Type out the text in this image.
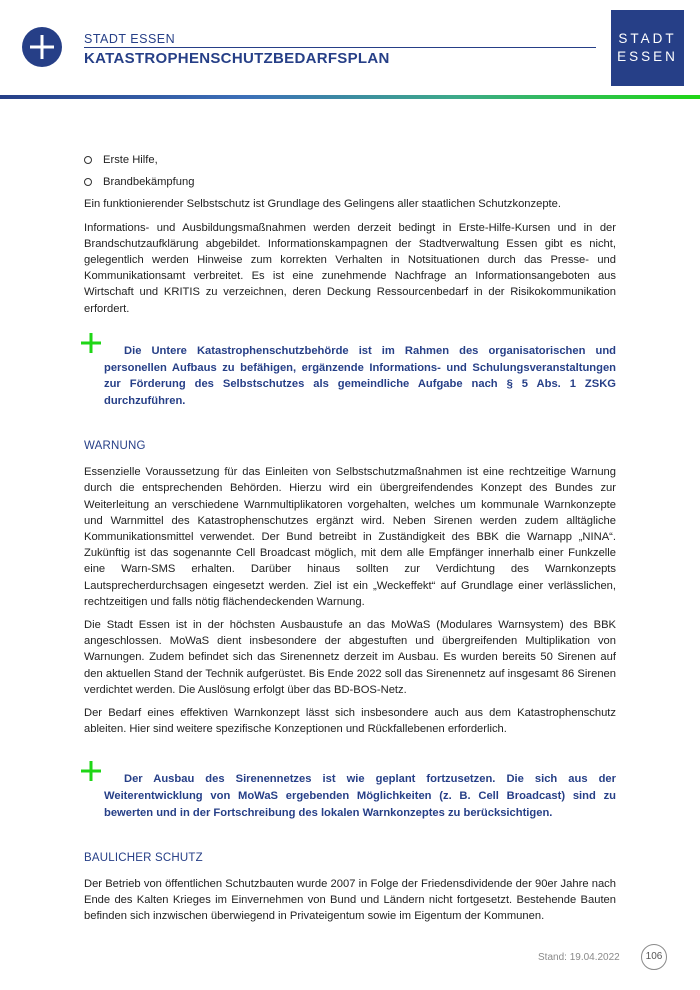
STADT ESSEN
KATASTROPHENSCHUTZBEDARFSPLAN
STADT
ESSEN
Erste Hilfe,
Brandbekämpfung

Ein funktionierender Selbstschutz ist Grundlage des Gelingens aller staatlichen Schutzkonzepte.

Informations- und Ausbildungsmaßnahmen werden derzeit bedingt in Erste-Hilfe-Kursen und in der Brandschutzaufklärung abgebildet. Informationskampagnen der Stadtverwaltung Essen gibt es nicht, gelegentlich werden Hinweise zum korrekten Verhalten in Notsituationen durch das Presse- und Kommunikationsamt verbreitet. Es ist eine zunehmende Nachfrage an Informationsangeboten aus Wirtschaft und KRITIS zu verzeichnen, deren Deckung Ressourcenbedarf in der Risikokommunikation erfordert.

Die Untere Katastrophenschutzbehörde ist im Rahmen des organisatorischen und personellen Aufbaus zu befähigen, ergänzende Informations- und Schulungsveranstaltungen zur Förderung des Selbstschutzes als gemeindliche Aufgabe nach § 5 Abs. 1 ZSKG durchzuführen.
WARNUNG

Essenzielle Voraussetzung für das Einleiten von Selbstschutzmaßnahmen ist eine rechtzeitige Warnung durch die entsprechenden Behörden. Hierzu wird ein übergreifendendes Konzept des Bundes zur Weiterleitung an verschiedene Warnmultiplikatoren vorgehalten, welches um kommunale Warnkonzepte und Warnmittel des Katastrophenschutzes ergänzt wird. Neben Sirenen werden zudem alltägliche Kommunikationsmittel verwendet. Der Bund betreibt in Zuständigkeit des BBK die Warnapp „NINA“. Zukünftig ist das sogenannte Cell Broadcast möglich, mit dem alle Empfänger innerhalb einer Funkzelle eine Warn-SMS erhalten. Darüber hinaus sollten zur Verdichtung des Warnkonzepts Lautsprecherdurchsagen eingesetzt werden. Ziel ist ein „Weckeffekt“ auf Grundlage einer verlässlichen, rechtzeitigen und falls nötig flächendeckenden Warnung.

Die Stadt Essen ist in der höchsten Ausbaustufe an das MoWaS (Modulares Warnsystem) des BBK angeschlossen. MoWaS dient insbesondere der abgestuften und übergreifenden Multiplikation von Warnungen. Zudem befindet sich das Sirenennetz derzeit im Ausbau. Es wurden bereits 50 Sirenen auf den aktuellen Stand der Technik aufgerüstet. Bis Ende 2022 soll das Sirenennetz auf insgesamt 86 Sirenen verdichtet werden. Die Auslösung erfolgt über das BD-BOS-Netz.

Der Bedarf eines effektiven Warnkonzept lässt sich insbesondere auch aus dem Katastrophenschutz ableiten. Hier sind weitere spezifische Konzeptionen und Rückfallebenen erforderlich.

Der Ausbau des Sirenennetzes ist wie geplant fortzusetzen. Die sich aus der Weiterentwicklung von MoWaS ergebenden Möglichkeiten (z. B. Cell Broadcast) sind zu bewerten und in der Fortschreibung des lokalen Warnkonzeptes zu berücksichtigen.
BAULICHER SCHUTZ

Der Betrieb von öffentlichen Schutzbauten wurde 2007 in Folge der Friedensdividende der 90er Jahre nach Ende des Kalten Krieges im Einvernehmen von Bund und Ländern nicht fortgesetzt. Bestehende Bauten befinden sich inzwischen überwiegend in Privateigentum sowie im Eigentum der Kommunen.

Stand: 19.04.2022	106
